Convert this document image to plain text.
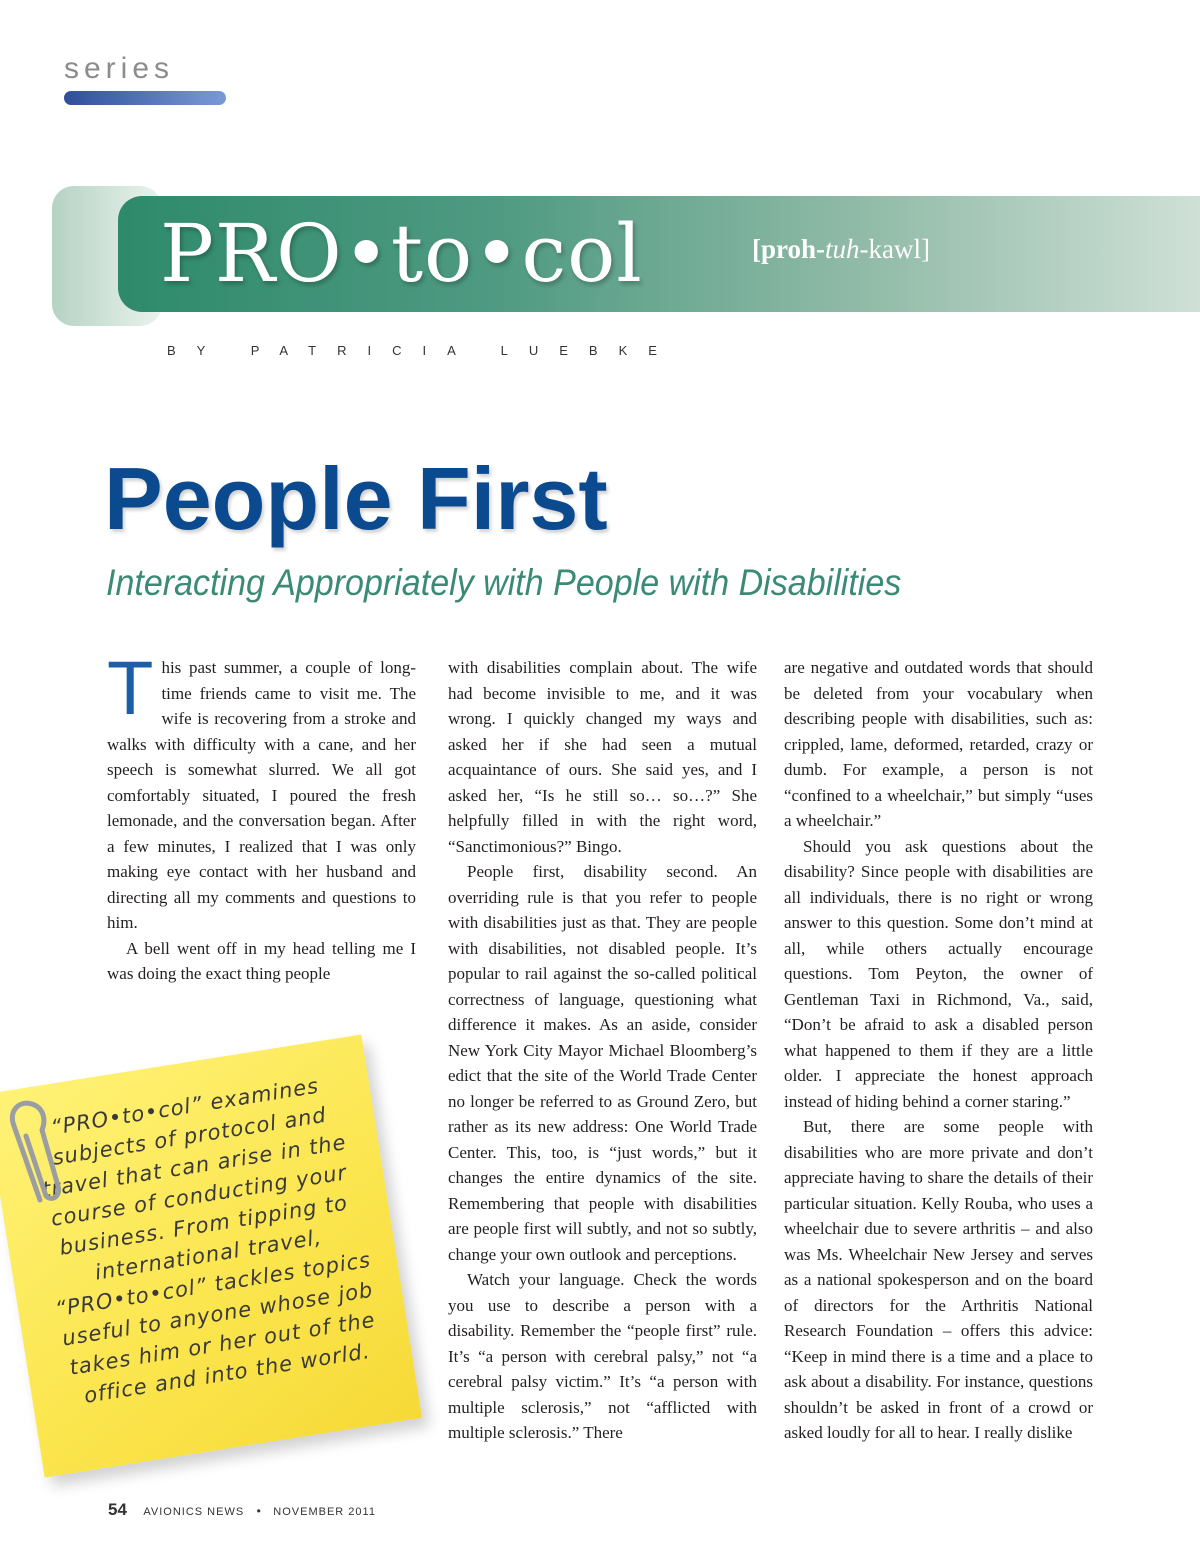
series
PRO•to•col	[proh-tuh-kawl]
BY PATRICIA LUEBKE
People First
Interacting Appropriately with People with Disabilities
T his past summer, a couple of long-time friends came to visit me. The wife is recovering from a stroke and walks with difficulty with a cane, and her speech is somewhat slurred. We all got comfortably situated, I poured the fresh lemonade, and the conversation began. After a few minutes, I realized that I was only making eye contact with her husband and directing all my comments and questions to him.

A bell went off in my head telling me I was doing the exact thing people

with disabilities complain about. The wife had become invisible to me, and it was wrong. I quickly changed my ways and asked her if she had seen a mutual acquaintance of ours. She said yes, and I asked her, “Is he still so… so…?” She helpfully filled in with the right word, “Sanctimonious?” Bingo.

People first, disability second. An overriding rule is that you refer to people with disabilities just as that. They are people with disabilities, not disabled people. It’s popular to rail against the so-called political correctness of language, questioning what difference it makes. As an aside, consider New York City Mayor Michael Bloomberg’s edict that the site of the World Trade Center no longer be referred to as Ground Zero, but rather as its new address: One World Trade Center. This, too, is “just words,” but it changes the entire dynamics of the site. Remembering that people with disabilities are people first will subtly, and not so subtly, change your own outlook and perceptions.

Watch your language. Check the words you use to describe a person with a disability. Remember the “people first” rule. It’s “a person with cerebral palsy,” not “a cerebral palsy victim.” It’s “a person with multiple sclerosis,” not “afflicted with multiple sclerosis.” There

are negative and outdated words that should be deleted from your vocabulary when describing people with disabilities, such as: crippled, lame, deformed, retarded, crazy or dumb. For example, a person is not “confined to a wheelchair,” but simply “uses a wheelchair.”

Should you ask questions about the disability? Since people with disabilities are all individuals, there is no right or wrong answer to this question. Some don’t mind at all, while others actually encourage questions. Tom Peyton, the owner of Gentleman Taxi in Richmond, Va., said, “Don’t be afraid to ask a disabled person what happened to them if they are a little older. I appreciate the honest approach instead of hiding behind a corner staring.”

But, there are some people with disabilities who are more private and don’t appreciate having to share the details of their particular situation. Kelly Rouba, who uses a wheelchair due to severe arthritis – and also was Ms. Wheelchair New Jersey and serves as a national spokesperson and on the board of directors for the Arthritis National Research Foundation – offers this advice: “Keep in mind there is a time and a place to ask about a disability. For instance, questions shouldn’t be asked in front of a crowd or asked loudly for all to hear. I really dislike

“PRO•to•col” examines subjects of protocol and travel that can arise in the course of conducting your business. From tipping to international travel, “PRO•to•col” tackles topics useful to anyone whose job takes him or her out of the office and into the world.
54 AVIONICS NEWS • NOVEMBER 2011
